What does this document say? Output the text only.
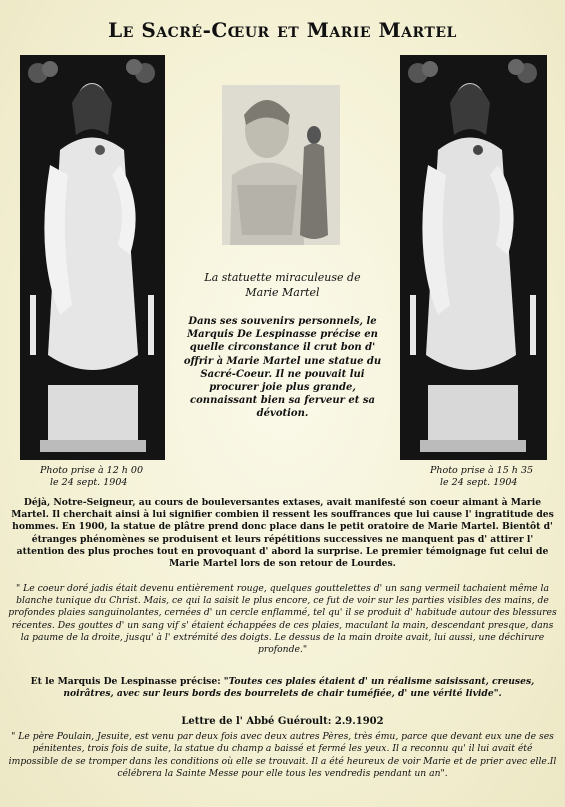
Le Sacré-Cœur et Marie Martel
Photo prise à 12 h 00
le 24 sept. 1904
Photo prise à 15 h 35
le 24 sept. 1904
La statuette miraculeuse de
Marie Martel
Dans ses souvenirs personnels, le Marquis De Lespinasse précise en quelle circonstance il crut bon d' offrir à Marie Martel une statue du Sacré-Coeur. Il ne pouvait lui procurer joie plus grande, connaissant bien sa ferveur et sa dévotion.
Déjà, Notre-Seigneur, au cours de bouleversantes extases, avait manifesté son coeur aimant à Marie Martel. Il cherchait ainsi à lui signifier combien il ressent les souffrances que lui cause l' ingratitude des hommes. En 1900, la statue de plâtre prend donc place dans le petit oratoire de Marie Martel. Bientôt d' étranges phénomènes se produisent et leurs répétitions successives ne manquent pas d' attirer l' attention des plus proches tout en provoquant d' abord la surprise. Le premier témoignage fut celui de Marie Martel lors de son retour de Lourdes.
" Le coeur doré jadis était devenu entièrement rouge, quelques gouttelettes d' un sang vermeil tachaient même la blanche tunique du Christ. Mais, ce qui la saisit le plus encore, ce fut de voir sur les parties visibles des mains, de profondes plaies sanguinolantes, cernées d' un cercle enflammé, tel qu' il se produit d' habitude autour des blessures récentes. Des gouttes d' un sang vif s' étaient échappées de ces plaies, maculant la main, descendant presque, dans la paume de la droite, jusqu' à l' extrémité des doigts. Le dessus de la main droite avait, lui aussi, une déchirure profonde."
Et le Marquis De Lespinasse précise: "Toutes ces plaies étaient d' un réalisme saisissant, creuses, noirâtres, avec sur leurs bords des bourrelets de chair tuméfiée, d' une vérité livide".
Lettre de l' Abbé Guéroult: 2.9.1902
" Le père Poulain, Jesuite, est venu par deux fois avec deux autres Pères, très ému, parce que devant eux une de ses pénitentes, trois fois de suite, la statue du champ a baissé et fermé les yeux. Il a reconnu qu' il lui avait été impossible de se tromper dans les conditions où elle se trouvait. Il a été heureux de voir Marie et de prier avec elle.Il célébrera la Sainte Messe pour elle tous les vendredis pendant un an".
